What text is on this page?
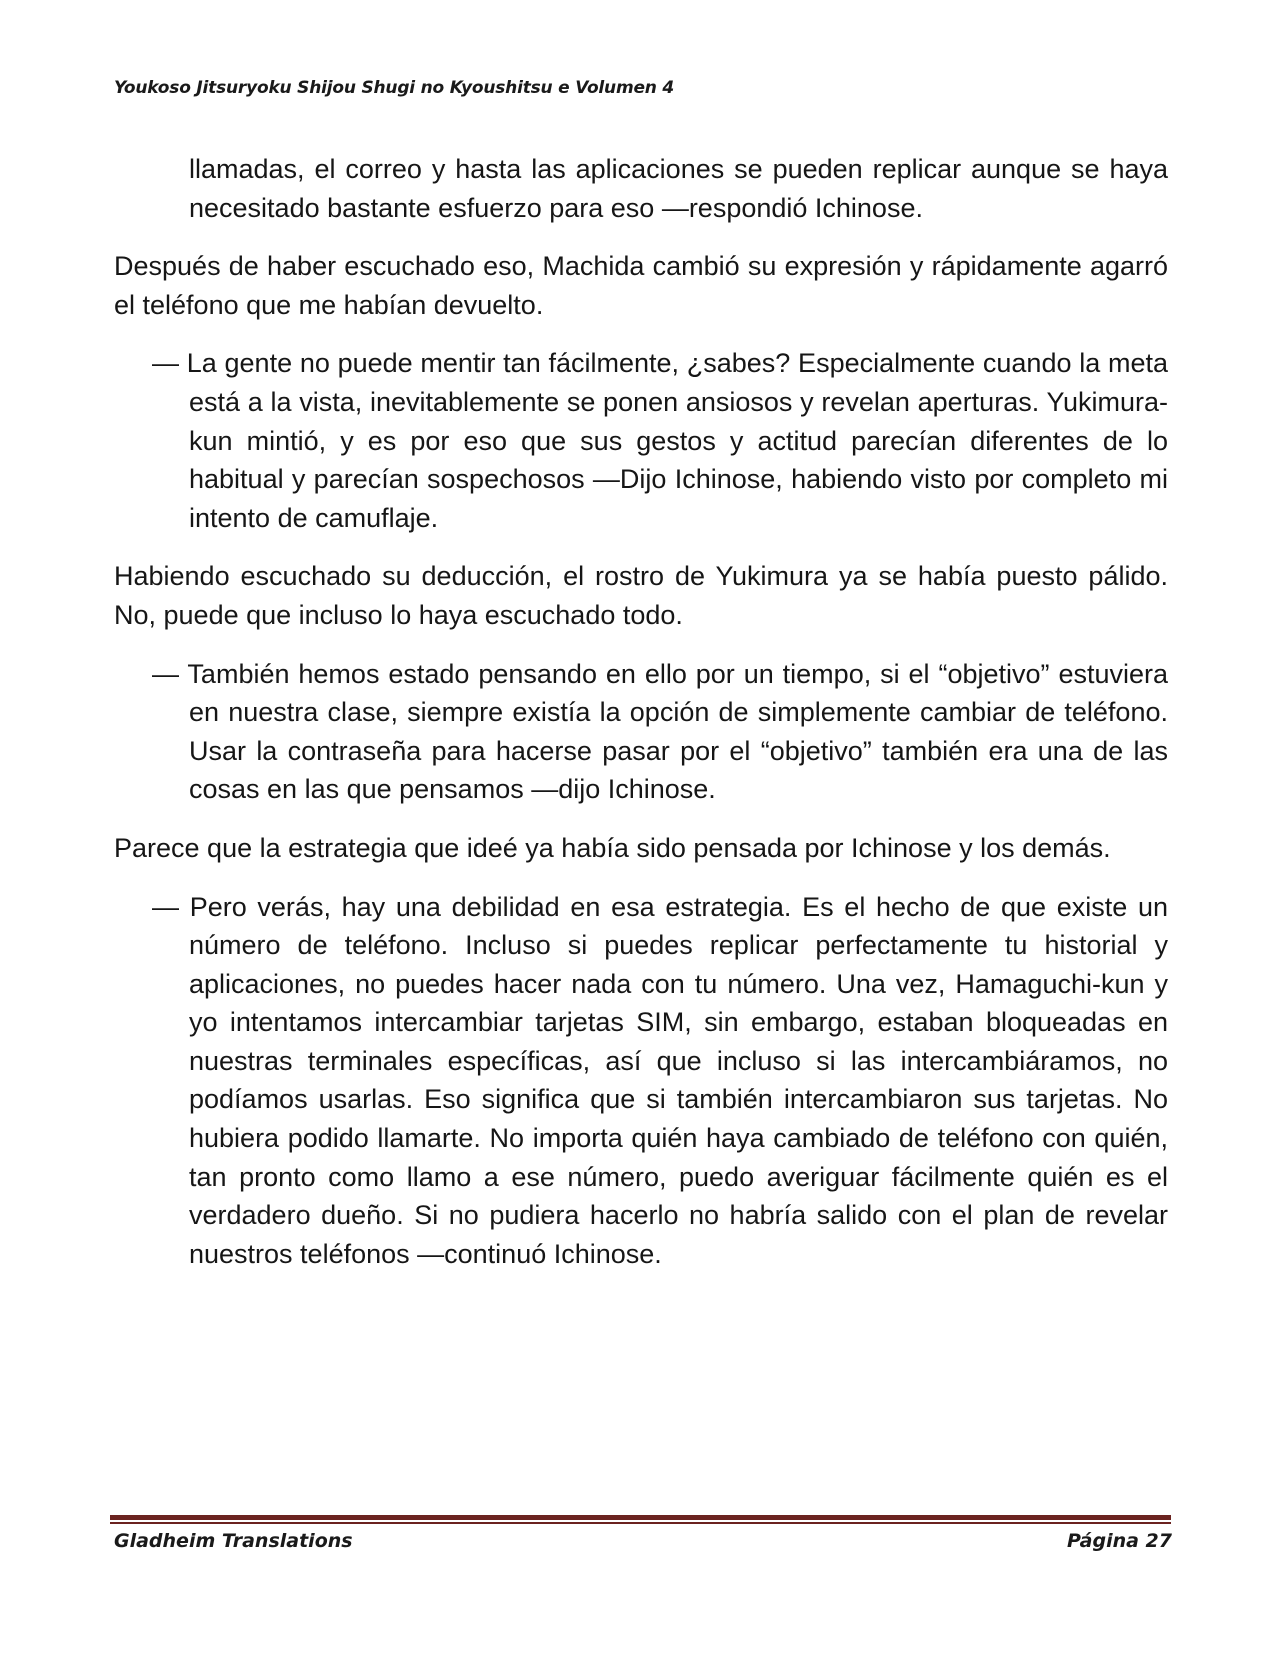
Youkoso Jitsuryoku Shijou Shugi no Kyoushitsu e Volumen 4

llamadas, el correo y hasta las aplicaciones se pueden replicar aunque se haya necesitado bastante esfuerzo para eso —respondió Ichinose.

Después de haber escuchado eso, Machida cambió su expresión y rápidamente agarró el teléfono que me habían devuelto.

— La gente no puede mentir tan fácilmente, ¿sabes? Especialmente cuando la meta está a la vista, inevitablemente se ponen ansiosos y revelan aperturas. Yukimura-kun mintió, y es por eso que sus gestos y actitud parecían diferentes de lo habitual y parecían sospechosos —Dijo Ichinose, habiendo visto por completo mi intento de camuflaje.

Habiendo escuchado su deducción, el rostro de Yukimura ya se había puesto pálido. No, puede que incluso lo haya escuchado todo.

— También hemos estado pensando en ello por un tiempo, si el “objetivo” estuviera en nuestra clase, siempre existía la opción de simplemente cambiar de teléfono. Usar la contraseña para hacerse pasar por el “objetivo” también era una de las cosas en las que pensamos —dijo Ichinose.

Parece que la estrategia que ideé ya había sido pensada por Ichinose y los demás.

— Pero verás, hay una debilidad en esa estrategia. Es el hecho de que existe un número de teléfono. Incluso si puedes replicar perfectamente tu historial y aplicaciones, no puedes hacer nada con tu número. Una vez, Hamaguchi-kun y yo intentamos intercambiar tarjetas SIM, sin embargo, estaban bloqueadas en nuestras terminales específicas, así que incluso si las intercambiáramos, no podíamos usarlas. Eso significa que si también intercambiaron sus tarjetas. No hubiera podido llamarte. No importa quién haya cambiado de teléfono con quién, tan pronto como llamo a ese número, puedo averiguar fácilmente quién es el verdadero dueño. Si no pudiera hacerlo no habría salido con el plan de revelar nuestros teléfonos —continuó Ichinose.

Gladheim Translations	Página 27
